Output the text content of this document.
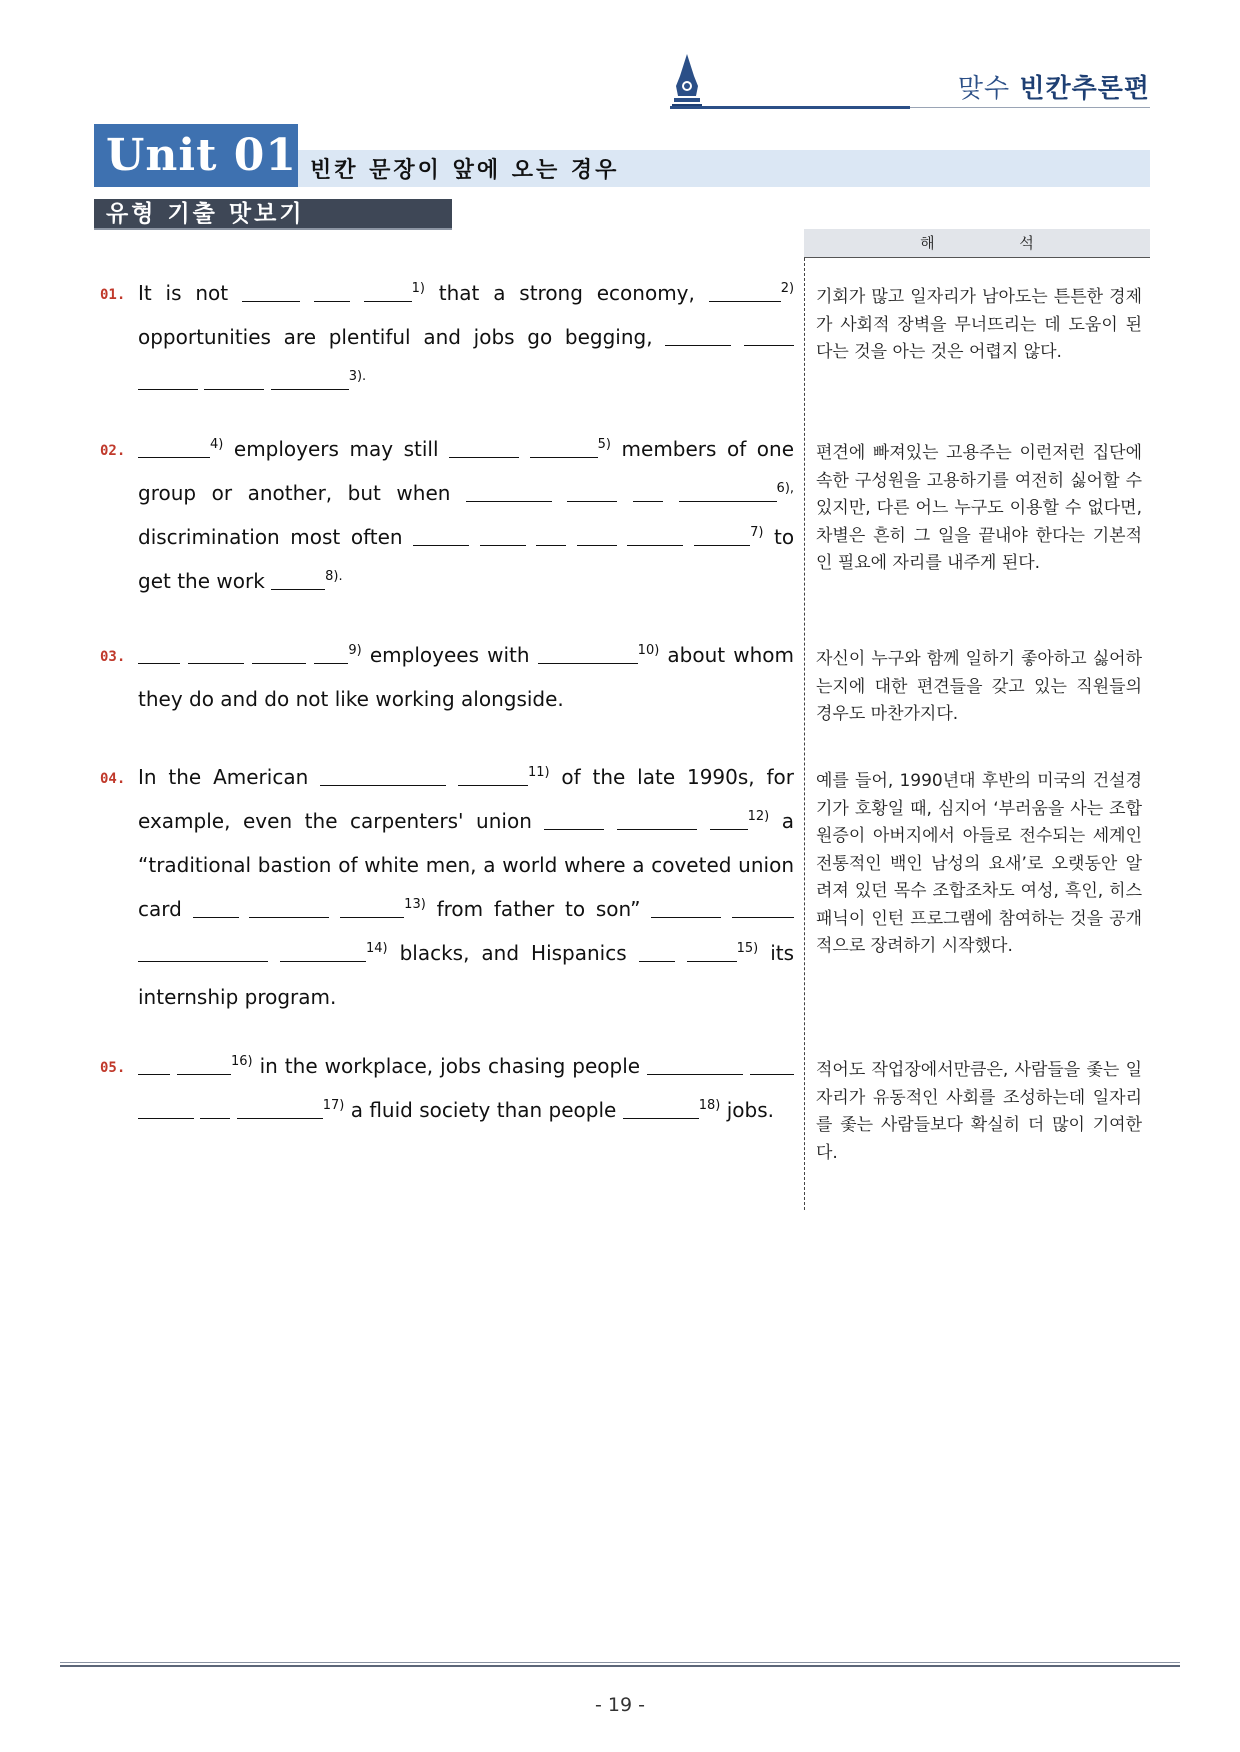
맞수 빈칸추론편
Unit 01 빈칸 문장이 앞에 오는 경우
유형 기출 맛보기
해 석
01. It is not	$^{1)}$ that a strong economy,	$^{2)}$ opportunities are plentiful and jobs go begging,     $^{3).}$
기회가 많고 일자리가 남아도는 튼튼한 경제가 사회적 장벽을 무너뜨리는 데 도움이 된다는 것을 아는 것은 어렵지 않다.
02.	$^{4)}$ employers may still	$^{5)}$ members of one group or another, but when	$^{6),}$ discrimination most often	$^{7)}$ to get the work	$^{8).}$
편견에 빠져있는 고용주는 이런저런 집단에 속한 구성원을 고용하기를 여전히 싫어할 수 있지만, 다른 어느 누구도 이용할 수 없다면, 차별은 흔히 그 일을 끝내야 한다는 기본적인 필요에 자리를 내주게 된다.
03.	$^{9)}$ employees with	$^{10)}$ about whom they do and do not like working alongside.
자신이 누구와 함께 일하기 좋아하고 싫어하는지에 대한 편견들을 갖고 있는 직원들의 경우도 마찬가지다.
04. In the American	$^{11)}$ of the late 1990s, for example, even the carpenters' union	$^{12)}$ a “traditional bastion of white men, a world where a coveted union card	$^{13)}$ from father to son”    $^{14)}$ blacks, and Hispanics	$^{15)}$ its internship program.
예를 들어, 1990년대 후반의 미국의 건설경기가 호황일 때, 심지어 ‘부러움을 사는 조합원증이 아버지에서 아들로 전수되는 세계인 전통적인 백인 남성의 요새’로 오랫동안 알려져 있던 목수 조합조차도 여성, 흑인, 히스패닉이 인턴 프로그램에 참여하는 것을 공개적으로 장려하기 시작했다.
05.	$^{16)}$ in the workplace, jobs chasing people     $^{17)}$ a fluid society than people	$^{18)}$ jobs.
적어도 작업장에서만큼은, 사람들을 좇는 일자리가 유동적인 사회를 조성하는데 일자리를 좇는 사람들보다 확실히 더 많이 기여한다.
- 19 -
